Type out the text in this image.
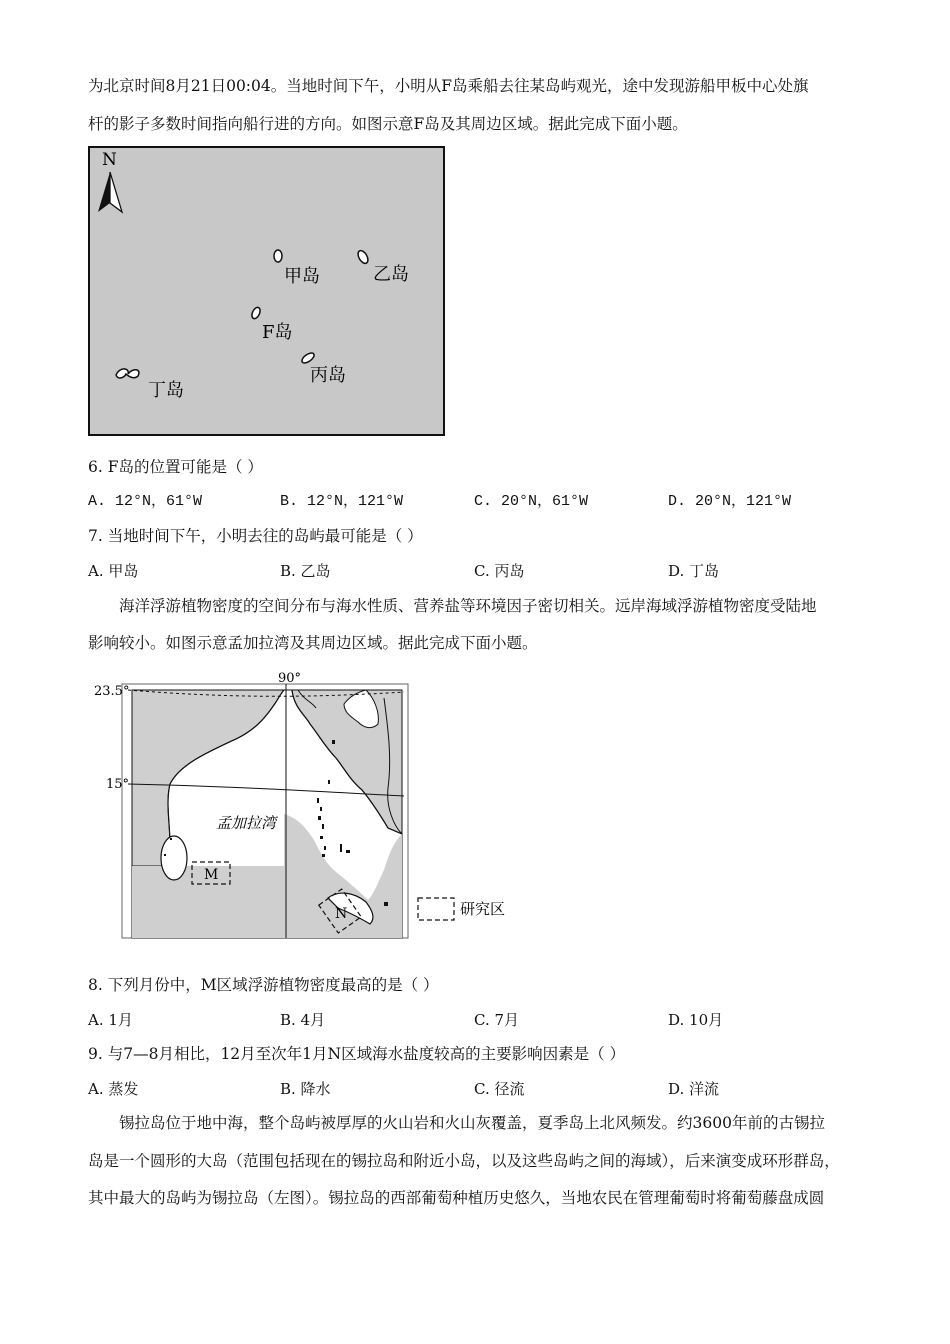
为北京时间8月21日00:04。当地时间下午，小明从F岛乘船去往某岛屿观光，途中发现游船甲板中心处旗
杆的影子多数时间指向船行进的方向。如图示意F岛及其周边区域。据此完成下面小题。
N
甲岛	乙岛
F岛
丙岛
丁岛
6. F岛的位置可能是（ ）
A. 12°N，61°W	B. 12°N，121°W	C. 20°N，61°W	D. 20°N，121°W
7. 当地时间下午，小明去往的岛屿最可能是（ ）
A. 甲岛	B. 乙岛	C. 丙岛	D. 丁岛
海洋浮游植物密度的空间分布与海水性质、营养盐等环境因子密切相关。远岸海域浮游植物密度受陆地
影响较小。如图示意孟加拉湾及其周边区域。据此完成下面小题。
90°
23.5°
15°
孟加拉湾
M
N	研究区
8. 下列月份中，M区域浮游植物密度最高的是（ ）
A. 1月	B. 4月	C. 7月	D. 10月
9. 与7—8月相比，12月至次年1月N区域海水盐度较高的主要影响因素是（ ）
A. 蒸发	B. 降水	C. 径流	D. 洋流
锡拉岛位于地中海，整个岛屿被厚厚的火山岩和火山灰覆盖，夏季岛上北风频发。约3600年前的古锡拉
岛是一个圆形的大岛（范围包括现在的锡拉岛和附近小岛，以及这些岛屿之间的海域），后来演变成环形群岛，
其中最大的岛屿为锡拉岛（左图）。锡拉岛的西部葡萄种植历史悠久，当地农民在管理葡萄时将葡萄藤盘成圆
